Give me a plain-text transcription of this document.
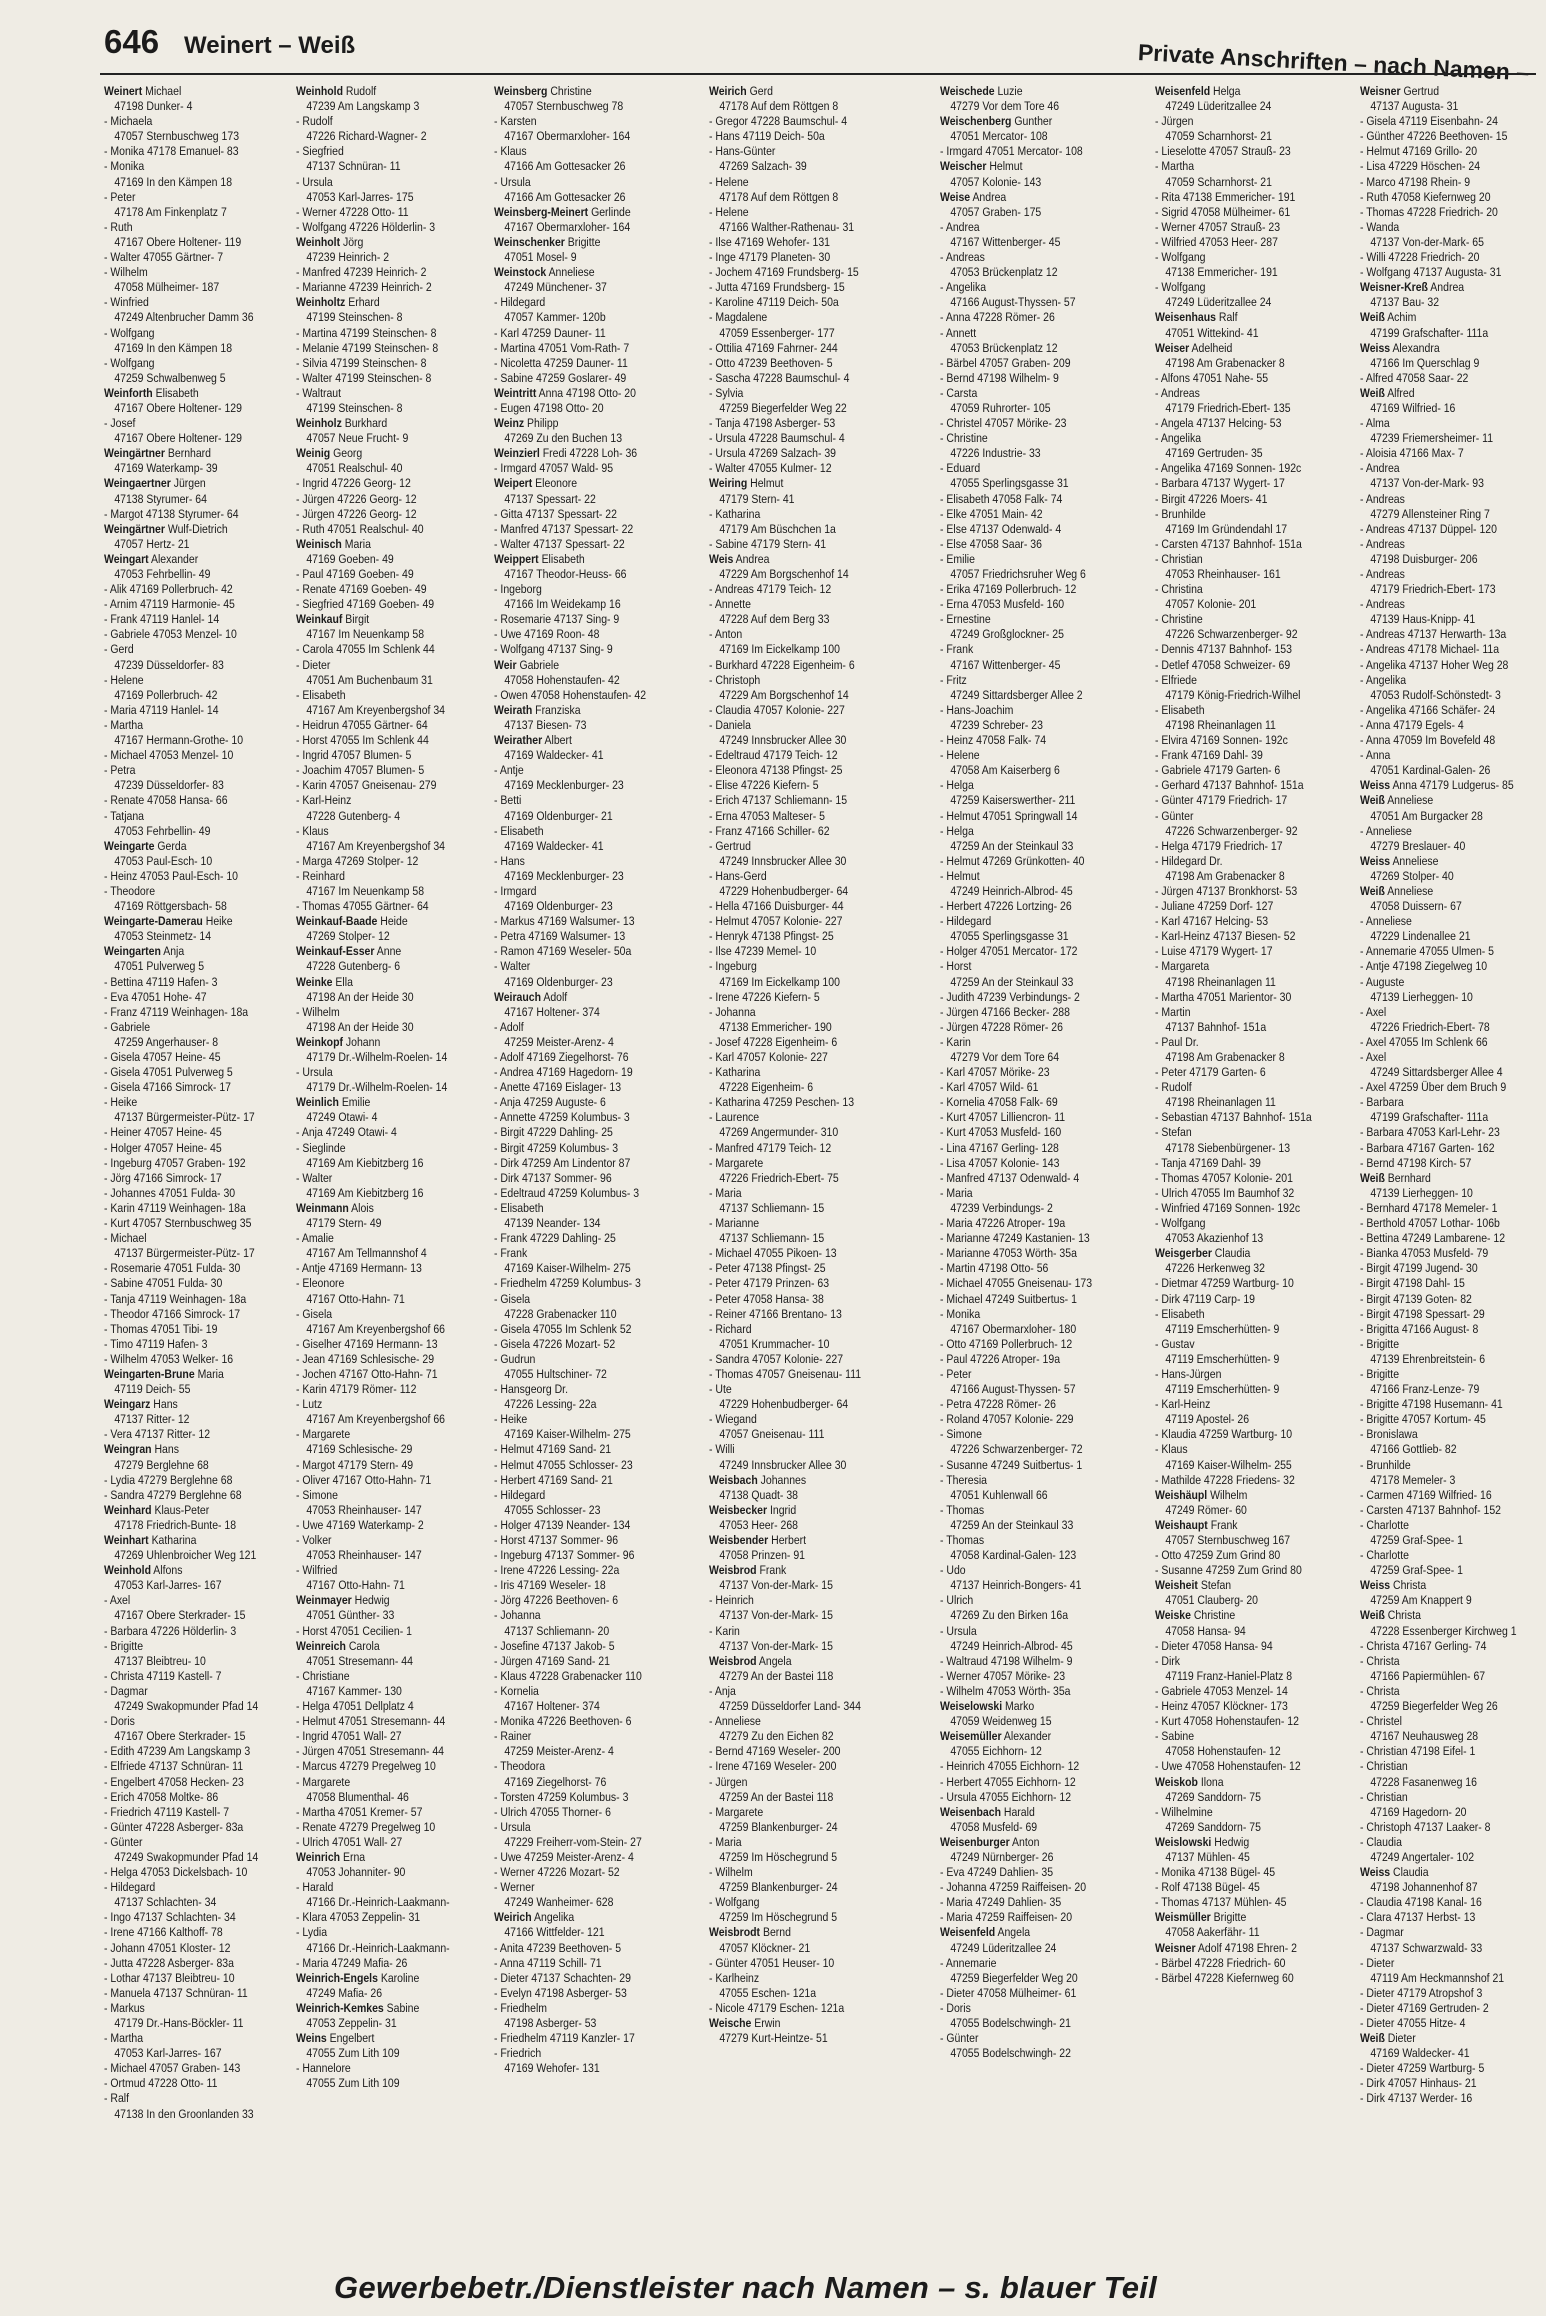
646 Weinert – Weiß	Private Anschriften – nach Namen –
Weinert Michael
47198 Dunker- 4
- Michaela
47057 Sternbuschweg 173
- Monika 47178 Emanuel- 83
- Monika
47169 In den Kämpen 18
- Peter
47178 Am Finkenplatz 7
- Ruth
47167 Obere Holtener- 119
- Walter 47055 Gärtner- 7
- Wilhelm
47058 Mülheimer- 187
- Winfried
47249 Altenbrucher Damm 36
- Wolfgang
47169 In den Kämpen 18
- Wolfgang
47259 Schwalbenweg 5
Weinforth Elisabeth
47167 Obere Holtener- 129
- Josef
47167 Obere Holtener- 129
Weingärtner Bernhard
47169 Waterkamp- 39
Weingaertner Jürgen
47138 Styrumer- 64
- Margot 47138 Styrumer- 64
Weingärtner Wulf-Dietrich
47057 Hertz- 21
Weingart Alexander
47053 Fehrbellin- 49
- Alik 47169 Pollerbruch- 42
- Arnim 47119 Harmonie- 45
- Frank 47119 Hanlel- 14
- Gabriele 47053 Menzel- 10
- Gerd
47239 Düsseldorfer- 83
- Helene
47169 Pollerbruch- 42
- Maria 47119 Hanlel- 14
- Martha
47167 Hermann-Grothe- 10
- Michael 47053 Menzel- 10
- Petra
47239 Düsseldorfer- 83
- Renate 47058 Hansa- 66
- Tatjana
47053 Fehrbellin- 49
Weingarte Gerda
47053 Paul-Esch- 10
- Heinz 47053 Paul-Esch- 10
- Theodore
47169 Röttgersbach- 58
Weingarte-Damerau Heike
47053 Steinmetz- 14
Weingarten Anja
47051 Pulverweg 5
- Bettina 47119 Hafen- 3
- Eva 47051 Hohe- 47
- Franz 47119 Weinhagen- 18a
- Gabriele
47259 Angerhauser- 8
- Gisela 47057 Heine- 45
- Gisela 47051 Pulverweg 5
- Gisela 47166 Simrock- 17
- Heike
47137 Bürgermeister-Pütz- 17
- Heiner 47057 Heine- 45
- Holger 47057 Heine- 45
- Ingeburg 47057 Graben- 192
- Jörg 47166 Simrock- 17
- Johannes 47051 Fulda- 30
- Karin 47119 Weinhagen- 18a
- Kurt 47057 Sternbuschweg 35
- Michael
47137 Bürgermeister-Pütz- 17
- Rosemarie 47051 Fulda- 30
- Sabine 47051 Fulda- 30
- Tanja 47119 Weinhagen- 18a
- Theodor 47166 Simrock- 17
- Thomas 47051 Tibi- 19
- Timo 47119 Hafen- 3
- Wilhelm 47053 Welker- 16
Weingarten-Brune Maria
47119 Deich- 55
Weingarz Hans
47137 Ritter- 12
- Vera 47137 Ritter- 12
Weingran Hans
47279 Berglehne 68
- Lydia 47279 Berglehne 68
- Sandra 47279 Berglehne 68
Weinhard Klaus-Peter
47178 Friedrich-Bunte- 18
Weinhart Katharina
47269 Uhlenbroicher Weg 121
Weinhold Alfons
47053 Karl-Jarres- 167
- Axel
47167 Obere Sterkrader- 15
- Barbara 47226 Hölderlin- 3
- Brigitte
47137 Bleibtreu- 10
- Christa 47119 Kastell- 7
- Dagmar
47249 Swakopmunder Pfad 14
- Doris
47167 Obere Sterkrader- 15
- Edith 47239 Am Langskamp 3
- Elfriede 47137 Schnüran- 11
- Engelbert 47058 Hecken- 23
- Erich 47058 Moltke- 86
- Friedrich 47119 Kastell- 7
- Günter 47228 Asberger- 83a
- Günter
47249 Swakopmunder Pfad 14
- Helga 47053 Dickelsbach- 10
- Hildegard
47137 Schlachten- 34
- Ingo 47137 Schlachten- 34
- Irene 47166 Kalthoff- 78
- Johann 47051 Kloster- 12
- Jutta 47228 Asberger- 83a
- Lothar 47137 Bleibtreu- 10
- Manuela 47137 Schnüran- 11
- Markus
47179 Dr.-Hans-Böckler- 11
- Martha
47053 Karl-Jarres- 167
- Michael 47057 Graben- 143
- Ortmud 47228 Otto- 11
- Ralf
47138 In den Groonlanden 33
Weinhold Rudolf
47239 Am Langskamp 3
- Rudolf
47226 Richard-Wagner- 2
- Siegfried
47137 Schnüran- 11
- Ursula
47053 Karl-Jarres- 175
- Werner 47228 Otto- 11
- Wolfgang 47226 Hölderlin- 3
Weinholt Jörg
47239 Heinrich- 2
- Manfred 47239 Heinrich- 2
- Marianne 47239 Heinrich- 2
Weinholtz Erhard
47199 Steinschen- 8
- Martina 47199 Steinschen- 8
- Melanie 47199 Steinschen- 8
- Silvia 47199 Steinschen- 8
- Walter 47199 Steinschen- 8
- Waltraut
47199 Steinschen- 8
Weinholz Burkhard
47057 Neue Frucht- 9
Weinig Georg
47051 Realschul- 40
- Ingrid 47226 Georg- 12
- Jürgen 47226 Georg- 12
- Jürgen 47226 Georg- 12
- Ruth 47051 Realschul- 40
Weinisch Maria
47169 Goeben- 49
- Paul 47169 Goeben- 49
- Renate 47169 Goeben- 49
- Siegfried 47169 Goeben- 49
Weinkauf Birgit
47167 Im Neuenkamp 58
- Carola 47055 Im Schlenk 44
- Dieter
47051 Am Buchenbaum 31
- Elisabeth
47167 Am Kreyenbergshof 34
- Heidrun 47055 Gärtner- 64
- Horst 47055 Im Schlenk 44
- Ingrid 47057 Blumen- 5
- Joachim 47057 Blumen- 5
- Karin 47057 Gneisenau- 279
- Karl-Heinz
47228 Gutenberg- 4
- Klaus
47167 Am Kreyenbergshof 34
- Marga 47269 Stolper- 12
- Reinhard
47167 Im Neuenkamp 58
- Thomas 47055 Gärtner- 64
Weinkauf-Baade Heide
47269 Stolper- 12
Weinkauf-Esser Anne
47228 Gutenberg- 6
Weinke Ella
47198 An der Heide 30
- Wilhelm
47198 An der Heide 30
Weinkopf Johann
47179 Dr.-Wilhelm-Roelen- 14
- Ursula
47179 Dr.-Wilhelm-Roelen- 14
Weinlich Emilie
47249 Otawi- 4
- Anja 47249 Otawi- 4
- Sieglinde
47169 Am Kiebitzberg 16
- Walter
47169 Am Kiebitzberg 16
Weinmann Alois
47179 Stern- 49
- Amalie
47167 Am Tellmannshof 4
- Antje 47169 Hermann- 13
- Eleonore
47167 Otto-Hahn- 71
- Gisela
47167 Am Kreyenbergshof 66
- Giselher 47169 Hermann- 13
- Jean 47169 Schlesische- 29
- Jochen 47167 Otto-Hahn- 71
- Karin 47179 Römer- 112
- Lutz
47167 Am Kreyenbergshof 66
- Margarete
47169 Schlesische- 29
- Margot 47179 Stern- 49
- Oliver 47167 Otto-Hahn- 71
- Simone
47053 Rheinhauser- 147
- Uwe 47169 Waterkamp- 2
- Volker
47053 Rheinhauser- 147
- Wilfried
47167 Otto-Hahn- 71
Weinmayer Hedwig
47051 Günther- 33
- Horst 47051 Cecilien- 1
Weinreich Carola
47051 Stresemann- 44
- Christiane
47167 Kammer- 130
- Helga 47051 Dellplatz 4
- Helmut 47051 Stresemann- 44
- Ingrid 47051 Wall- 27
- Jürgen 47051 Stresemann- 44
- Marcus 47279 Pregelweg 10
- Margarete
47058 Blumenthal- 46
- Martha 47051 Kremer- 57
- Renate 47279 Pregelweg 10
- Ulrich 47051 Wall- 27
Weinrich Erna
47053 Johanniter- 90
- Harald
47166 Dr.-Heinrich-Laakmann-
- Klara 47053 Zeppelin- 31
- Lydia
47166 Dr.-Heinrich-Laakmann-
- Maria 47249 Mafia- 26
Weinrich-Engels Karoline
47249 Mafia- 26
Weinrich-Kemkes Sabine
47053 Zeppelin- 31
Weins Engelbert
47055 Zum Lith 109
- Hannelore
47055 Zum Lith 109
Weinsberg Christine
47057 Sternbuschweg 78
- Karsten
47167 Obermarxloher- 164
- Klaus
47166 Am Gottesacker 26
- Ursula
47166 Am Gottesacker 26
Weinsberg-Meinert Gerlinde
47167 Obermarxloher- 164
Weinschenker Brigitte
47051 Mosel- 9
Weinstock Anneliese
47249 Münchener- 37
- Hildegard
47057 Kammer- 120b
- Karl 47259 Dauner- 11
- Martina 47051 Vom-Rath- 7
- Nicoletta 47259 Dauner- 11
- Sabine 47259 Goslarer- 49
Weintritt Anna 47198 Otto- 20
- Eugen 47198 Otto- 20
Weinz Philipp
47269 Zu den Buchen 13
Weinzierl Fredi 47228 Loh- 36
- Irmgard 47057 Wald- 95
Weipert Eleonore
47137 Spessart- 22
- Gitta 47137 Spessart- 22
- Manfred 47137 Spessart- 22
- Walter 47137 Spessart- 22
Weippert Elisabeth
47167 Theodor-Heuss- 66
- Ingeborg
47166 Im Weidekamp 16
- Rosemarie 47137 Sing- 9
- Uwe 47169 Roon- 48
- Wolfgang 47137 Sing- 9
Weir Gabriele
47058 Hohenstaufen- 42
- Owen 47058 Hohenstaufen- 42
Weirath Franziska
47137 Biesen- 73
Weirather Albert
47169 Waldecker- 41
- Antje
47169 Mecklenburger- 23
- Betti
47169 Oldenburger- 21
- Elisabeth
47169 Waldecker- 41
- Hans
47169 Mecklenburger- 23
- Irmgard
47169 Oldenburger- 23
- Markus 47169 Walsumer- 13
- Petra 47169 Walsumer- 13
- Ramon 47169 Weseler- 50a
- Walter
47169 Oldenburger- 23
Weirauch Adolf
47167 Holtener- 374
- Adolf
47259 Meister-Arenz- 4
- Adolf 47169 Ziegelhorst- 76
- Andrea 47169 Hagedorn- 19
- Anette 47169 Eislager- 13
- Anja 47259 Auguste- 6
- Annette 47259 Kolumbus- 3
- Birgit 47229 Dahling- 25
- Birgit 47259 Kolumbus- 3
- Dirk 47259 Am Lindentor 87
- Dirk 47137 Sommer- 96
- Edeltraud 47259 Kolumbus- 3
- Elisabeth
47139 Neander- 134
- Frank 47229 Dahling- 25
- Frank
47169 Kaiser-Wilhelm- 275
- Friedhelm 47259 Kolumbus- 3
- Gisela
47228 Grabenacker 110
- Gisela 47055 Im Schlenk 52
- Gisela 47226 Mozart- 52
- Gudrun
47055 Hultschiner- 72
- Hansgeorg Dr.
47226 Lessing- 22a
- Heike
47169 Kaiser-Wilhelm- 275
- Helmut 47169 Sand- 21
- Helmut 47055 Schlosser- 23
- Herbert 47169 Sand- 21
- Hildegard
47055 Schlosser- 23
- Holger 47139 Neander- 134
- Horst 47137 Sommer- 96
- Ingeburg 47137 Sommer- 96
- Irene 47226 Lessing- 22a
- Iris 47169 Weseler- 18
- Jörg 47226 Beethoven- 6
- Johanna
47137 Schliemann- 20
- Josefine 47137 Jakob- 5
- Jürgen 47169 Sand- 21
- Klaus 47228 Grabenacker 110
- Kornelia
47167 Holtener- 374
- Monika 47226 Beethoven- 6
- Rainer
47259 Meister-Arenz- 4
- Theodora
47169 Ziegelhorst- 76
- Torsten 47259 Kolumbus- 3
- Ulrich 47055 Thorner- 6
- Ursula
47229 Freiherr-vom-Stein- 27
- Uwe 47259 Meister-Arenz- 4
- Werner 47226 Mozart- 52
- Werner
47249 Wanheimer- 628
Weirich Angelika
47166 Wittfelder- 121
- Anita 47239 Beethoven- 5
- Anna 47119 Schill- 71
- Dieter 47137 Schachten- 29
- Evelyn 47198 Asberger- 53
- Friedhelm
47198 Asberger- 53
- Friedhelm 47119 Kanzler- 17
- Friedrich
47169 Wehofer- 131
Weirich Gerd
47178 Auf dem Röttgen 8
- Gregor 47228 Baumschul- 4
- Hans 47119 Deich- 50a
- Hans-Günter
47269 Salzach- 39
- Helene
47178 Auf dem Röttgen 8
- Helene
47166 Walther-Rathenau- 31
- Ilse 47169 Wehofer- 131
- Inge 47179 Planeten- 30
- Jochem 47169 Frundsberg- 15
- Jutta 47169 Frundsberg- 15
- Karoline 47119 Deich- 50a
- Magdalene
47059 Essenberger- 177
- Ottilia 47169 Fahrner- 244
- Otto 47239 Beethoven- 5
- Sascha 47228 Baumschul- 4
- Sylvia
47259 Biegerfelder Weg 22
- Tanja 47198 Asberger- 53
- Ursula 47228 Baumschul- 4
- Ursula 47269 Salzach- 39
- Walter 47055 Kulmer- 12
Weiring Helmut
47179 Stern- 41
- Katharina
47179 Am Büschchen 1a
- Sabine 47179 Stern- 41
Weis Andrea
47229 Am Borgschenhof 14
- Andreas 47179 Teich- 12
- Annette
47228 Auf dem Berg 33
- Anton
47169 Im Eickelkamp 100
- Burkhard 47228 Eigenheim- 6
- Christoph
47229 Am Borgschenhof 14
- Claudia 47057 Kolonie- 227
- Daniela
47249 Innsbrucker Allee 30
- Edeltraud 47179 Teich- 12
- Eleonora 47138 Pfingst- 25
- Elise 47226 Kiefern- 5
- Erich 47137 Schliemann- 15
- Erna 47053 Malteser- 5
- Franz 47166 Schiller- 62
- Gertrud
47249 Innsbrucker Allee 30
- Hans-Gerd
47229 Hohenbudberger- 64
- Hella 47166 Duisburger- 44
- Helmut 47057 Kolonie- 227
- Henryk 47138 Pfingst- 25
- Ilse 47239 Memel- 10
- Ingeburg
47169 Im Eickelkamp 100
- Irene 47226 Kiefern- 5
- Johanna
47138 Emmericher- 190
- Josef 47228 Eigenheim- 6
- Karl 47057 Kolonie- 227
- Katharina
47228 Eigenheim- 6
- Katharina 47259 Peschen- 13
- Laurence
47269 Angermunder- 310
- Manfred 47179 Teich- 12
- Margarete
47226 Friedrich-Ebert- 75
- Maria
47137 Schliemann- 15
- Marianne
47137 Schliemann- 15
- Michael 47055 Pikoen- 13
- Peter 47138 Pfingst- 25
- Peter 47179 Prinzen- 63
- Peter 47058 Hansa- 38
- Reiner 47166 Brentano- 13
- Richard
47051 Krummacher- 10
- Sandra 47057 Kolonie- 227
- Thomas 47057 Gneisenau- 111
- Ute
47229 Hohenbudberger- 64
- Wiegand
47057 Gneisenau- 111
- Willi
47249 Innsbrucker Allee 30
Weisbach Johannes
47138 Quadt- 38
Weisbecker Ingrid
47053 Heer- 268
Weisbender Herbert
47058 Prinzen- 91
Weisbrod Frank
47137 Von-der-Mark- 15
- Heinrich
47137 Von-der-Mark- 15
- Karin
47137 Von-der-Mark- 15
Weisbrod Angela
47279 An der Bastei 118
- Anja
47259 Düsseldorfer Land- 344
- Anneliese
47279 Zu den Eichen 82
- Bernd 47169 Weseler- 200
- Irene 47169 Weseler- 200
- Jürgen
47259 An der Bastei 118
- Margarete
47259 Blankenburger- 24
- Maria
47259 Im Höschegrund 5
- Wilhelm
47259 Blankenburger- 24
- Wolfgang
47259 Im Höschegrund 5
Weisbrodt Bernd
47057 Klöckner- 21
- Günter 47051 Heuser- 10
- Karlheinz
47055 Eschen- 121a
- Nicole 47179 Eschen- 121a
Weische Erwin
47279 Kurt-Heintze- 51
Weischede Luzie
47279 Vor dem Tore 46
Weischenberg Gunther
47051 Mercator- 108
- Irmgard 47051 Mercator- 108
Weischer Helmut
47057 Kolonie- 143
Weise Andrea
47057 Graben- 175
- Andrea
47167 Wittenberger- 45
- Andreas
47053 Brückenplatz 12
- Angelika
47166 August-Thyssen- 57
- Anna 47228 Römer- 26
- Annett
47053 Brückenplatz 12
- Bärbel 47057 Graben- 209
- Bernd 47198 Wilhelm- 9
- Carsta
47059 Ruhrorter- 105
- Christel 47057 Mörike- 23
- Christine
47226 Industrie- 33
- Eduard
47055 Sperlingsgasse 31
- Elisabeth 47058 Falk- 74
- Elke 47051 Main- 42
- Else 47137 Odenwald- 4
- Else 47058 Saar- 36
- Emilie
47057 Friedrichsruher Weg 6
- Erika 47169 Pollerbruch- 12
- Erna 47053 Musfeld- 160
- Ernestine
47249 Großglockner- 25
- Frank
47167 Wittenberger- 45
- Fritz
47249 Sittardsberger Allee 2
- Hans-Joachim
47239 Schreber- 23
- Heinz 47058 Falk- 74
- Helene
47058 Am Kaiserberg 6
- Helga
47259 Kaiserswerther- 211
- Helmut 47051 Springwall 14
- Helga
47259 An der Steinkaul 33
- Helmut 47269 Grünkotten- 40
- Helmut
47249 Heinrich-Albrod- 45
- Herbert 47226 Lortzing- 26
- Hildegard
47055 Sperlingsgasse 31
- Holger 47051 Mercator- 172
- Horst
47259 An der Steinkaul 33
- Judith 47239 Verbindungs- 2
- Jürgen 47166 Becker- 288
- Jürgen 47228 Römer- 26
- Karin
47279 Vor dem Tore 64
- Karl 47057 Mörike- 23
- Karl 47057 Wild- 61
- Kornelia 47058 Falk- 69
- Kurt 47057 Lilliencron- 11
- Kurt 47053 Musfeld- 160
- Lina 47167 Gerling- 128
- Lisa 47057 Kolonie- 143
- Manfred 47137 Odenwald- 4
- Maria
47239 Verbindungs- 2
- Maria 47226 Atroper- 19a
- Marianne 47249 Kastanien- 13
- Marianne 47053 Wörth- 35a
- Martin 47198 Otto- 56
- Michael 47055 Gneisenau- 173
- Michael 47249 Suitbertus- 1
- Monika
47167 Obermarxloher- 180
- Otto 47169 Pollerbruch- 12
- Paul 47226 Atroper- 19a
- Peter
47166 August-Thyssen- 57
- Petra 47228 Römer- 26
- Roland 47057 Kolonie- 229
- Simone
47226 Schwarzenberger- 72
- Susanne 47249 Suitbertus- 1
- Theresia
47051 Kuhlenwall 66
- Thomas
47259 An der Steinkaul 33
- Thomas
47058 Kardinal-Galen- 123
- Udo
47137 Heinrich-Bongers- 41
- Ulrich
47269 Zu den Birken 16a
- Ursula
47249 Heinrich-Albrod- 45
- Waltraud 47198 Wilhelm- 9
- Werner 47057 Mörike- 23
- Wilhelm 47053 Wörth- 35a
Weiselowski Marko
47059 Weidenweg 15
Weisemüller Alexander
47055 Eichhorn- 12
- Heinrich 47055 Eichhorn- 12
- Herbert 47055 Eichhorn- 12
- Ursula 47055 Eichhorn- 12
Weisenbach Harald
47058 Musfeld- 69
Weisenburger Anton
47249 Nürnberger- 26
- Eva 47249 Dahlien- 35
- Johanna 47259 Raiffeisen- 20
- Maria 47249 Dahlien- 35
- Maria 47259 Raiffeisen- 20
Weisenfeld Angela
47249 Lüderitzallee 24
- Annemarie
47259 Biegerfelder Weg 20
- Dieter 47058 Mülheimer- 61
- Doris
47055 Bodelschwingh- 21
- Günter
47055 Bodelschwingh- 22
Weisenfeld Helga
47249 Lüderitzallee 24
- Jürgen
47059 Scharnhorst- 21
- Lieselotte 47057 Strauß- 23
- Martha
47059 Scharnhorst- 21
- Rita 47138 Emmericher- 191
- Sigrid 47058 Mülheimer- 61
- Werner 47057 Strauß- 23
- Wilfried 47053 Heer- 287
- Wolfgang
47138 Emmericher- 191
- Wolfgang
47249 Lüderitzallee 24
Weisenhaus Ralf
47051 Wittekind- 41
Weiser Adelheid
47198 Am Grabenacker 8
- Alfons 47051 Nahe- 55
- Andreas
47179 Friedrich-Ebert- 135
- Angela 47137 Helcing- 53
- Angelika
47169 Gertruden- 35
- Angelika 47169 Sonnen- 192c
- Barbara 47137 Wygert- 17
- Birgit 47226 Moers- 41
- Brunhilde
47169 Im Gründendahl 17
- Carsten 47137 Bahnhof- 151a
- Christian
47053 Rheinhauser- 161
- Christina
47057 Kolonie- 201
- Christine
47226 Schwarzenberger- 92
- Dennis 47137 Bahnhof- 153
- Detlef 47058 Schweizer- 69
- Elfriede
47179 König-Friedrich-Wilhel
- Elisabeth
47198 Rheinanlagen 11
- Elvira 47169 Sonnen- 192c
- Frank 47169 Dahl- 39
- Gabriele 47179 Garten- 6
- Gerhard 47137 Bahnhof- 151a
- Günter 47179 Friedrich- 17
- Günter
47226 Schwarzenberger- 92
- Helga 47179 Friedrich- 17
- Hildegard Dr.
47198 Am Grabenacker 8
- Jürgen 47137 Bronkhorst- 53
- Juliane 47259 Dorf- 127
- Karl 47167 Helcing- 53
- Karl-Heinz 47137 Biesen- 52
- Luise 47179 Wygert- 17
- Margareta
47198 Rheinanlagen 11
- Martha 47051 Marientor- 30
- Martin
47137 Bahnhof- 151a
- Paul Dr.
47198 Am Grabenacker 8
- Peter 47179 Garten- 6
- Rudolf
47198 Rheinanlagen 11
- Sebastian 47137 Bahnhof- 151a
- Stefan
47178 Siebenbürgener- 13
- Tanja 47169 Dahl- 39
- Thomas 47057 Kolonie- 201
- Ulrich 47055 Im Baumhof 32
- Winfried 47169 Sonnen- 192c
- Wolfgang
47053 Akazienhof 13
Weisgerber Claudia
47226 Herkenweg 32
- Dietmar 47259 Wartburg- 10
- Dirk 47119 Carp- 19
- Elisabeth
47119 Emscherhütten- 9
- Gustav
47119 Emscherhütten- 9
- Hans-Jürgen
47119 Emscherhütten- 9
- Karl-Heinz
47119 Apostel- 26
- Klaudia 47259 Wartburg- 10
- Klaus
47169 Kaiser-Wilhelm- 255
- Mathilde 47228 Friedens- 32
Weishäupl Wilhelm
47249 Römer- 60
Weishaupt Frank
47057 Sternbuschweg 167
- Otto 47259 Zum Grind 80
- Susanne 47259 Zum Grind 80
Weisheit Stefan
47051 Clauberg- 20
Weiske Christine
47058 Hansa- 94
- Dieter 47058 Hansa- 94
- Dirk
47119 Franz-Haniel-Platz 8
- Gabriele 47053 Menzel- 14
- Heinz 47057 Klöckner- 173
- Kurt 47058 Hohenstaufen- 12
- Sabine
47058 Hohenstaufen- 12
- Uwe 47058 Hohenstaufen- 12
Weiskob Ilona
47269 Sanddorn- 75
- Wilhelmine
47269 Sanddorn- 75
Weislowski Hedwig
47137 Mühlen- 45
- Monika 47138 Bügel- 45
- Rolf 47138 Bügel- 45
- Thomas 47137 Mühlen- 45
Weismüller Brigitte
47058 Aakerfähr- 11
Weisner Adolf 47198 Ehren- 2
- Bärbel 47228 Friedrich- 60
- Bärbel 47228 Kiefernweg 60
Weisner Gertrud
47137 Augusta- 31
- Gisela 47119 Eisenbahn- 24
- Günther 47226 Beethoven- 15
- Helmut 47169 Grillo- 20
- Lisa 47229 Höschen- 24
- Marco 47198 Rhein- 9
- Ruth 47058 Kiefernweg 20
- Thomas 47228 Friedrich- 20
- Wanda
47137 Von-der-Mark- 65
- Willi 47228 Friedrich- 20
- Wolfgang 47137 Augusta- 31
Weisner-Kreß Andrea
47137 Bau- 32
Weiß Achim
47199 Grafschafter- 111a
Weiss Alexandra
47166 Im Querschlag 9
- Alfred 47058 Saar- 22
Weiß Alfred
47169 Wilfried- 16
- Alma
47239 Friemersheimer- 11
- Aloisia 47166 Max- 7
- Andrea
47137 Von-der-Mark- 93
- Andreas
47279 Allensteiner Ring 7
- Andreas 47137 Düppel- 120
- Andreas
47198 Duisburger- 206
- Andreas
47179 Friedrich-Ebert- 173
- Andreas
47139 Haus-Knipp- 41
- Andreas 47137 Herwarth- 13a
- Andreas 47178 Michael- 11a
- Angelika 47137 Hoher Weg 28
- Angelika
47053 Rudolf-Schönstedt- 3
- Angelika 47166 Schäfer- 24
- Anna 47179 Egels- 4
- Anna 47059 Im Bovefeld 48
- Anna
47051 Kardinal-Galen- 26
Weiss Anna 47179 Ludgerus- 85
Weiß Anneliese
47051 Am Burgacker 28
- Anneliese
47279 Breslauer- 40
Weiss Anneliese
47269 Stolper- 40
Weiß Anneliese
47058 Duissern- 67
- Anneliese
47229 Lindenallee 21
- Annemarie 47055 Ulmen- 5
- Antje 47198 Ziegelweg 10
- Auguste
47139 Lierheggen- 10
- Axel
47226 Friedrich-Ebert- 78
- Axel 47055 Im Schlenk 66
- Axel
47249 Sittardsberger Allee 4
- Axel 47259 Über dem Bruch 9
- Barbara
47199 Grafschafter- 111a
- Barbara 47053 Karl-Lehr- 23
- Barbara 47167 Garten- 162
- Bernd 47198 Kirch- 57
Weiß Bernhard
47139 Lierheggen- 10
- Bernhard 47178 Memeler- 1
- Berthold 47057 Lothar- 106b
- Bettina 47249 Lambarene- 12
- Bianka 47053 Musfeld- 79
- Birgit 47199 Jugend- 30
- Birgit 47198 Dahl- 15
- Birgit 47139 Goten- 82
- Birgit 47198 Spessart- 29
- Brigitta 47166 August- 8
- Brigitte
47139 Ehrenbreitstein- 6
- Brigitte
47166 Franz-Lenze- 79
- Brigitte 47198 Husemann- 41
- Brigitte 47057 Kortum- 45
- Bronislawa
47166 Gottlieb- 82
- Brunhilde
47178 Memeler- 3
- Carmen 47169 Wilfried- 16
- Carsten 47137 Bahnhof- 152
- Charlotte
47259 Graf-Spee- 1
- Charlotte
47259 Graf-Spee- 1
Weiss Christa
47259 Am Knappert 9
Weiß Christa
47228 Essenberger Kirchweg 1
- Christa 47167 Gerling- 74
- Christa
47166 Papiermühlen- 67
- Christa
47259 Biegerfelder Weg 26
- Christel
47167 Neuhausweg 28
- Christian 47198 Eifel- 1
- Christian
47228 Fasanenweg 16
- Christian
47169 Hagedorn- 20
- Christoph 47137 Laaker- 8
- Claudia
47249 Angertaler- 102
Weiss Claudia
47198 Johannenhof 87
- Claudia 47198 Kanal- 16
- Clara 47137 Herbst- 13
- Dagmar
47137 Schwarzwald- 33
- Dieter
47119 Am Heckmannshof 21
- Dieter 47179 Atropshof 3
- Dieter 47169 Gertruden- 2
- Dieter 47055 Hitze- 4
Weiß Dieter
47169 Waldecker- 41
- Dieter 47259 Wartburg- 5
- Dirk 47057 Hinhaus- 21
- Dirk 47137 Werder- 16
Gewerbebetr./Dienstleister nach Namen – s. blauer Teil
